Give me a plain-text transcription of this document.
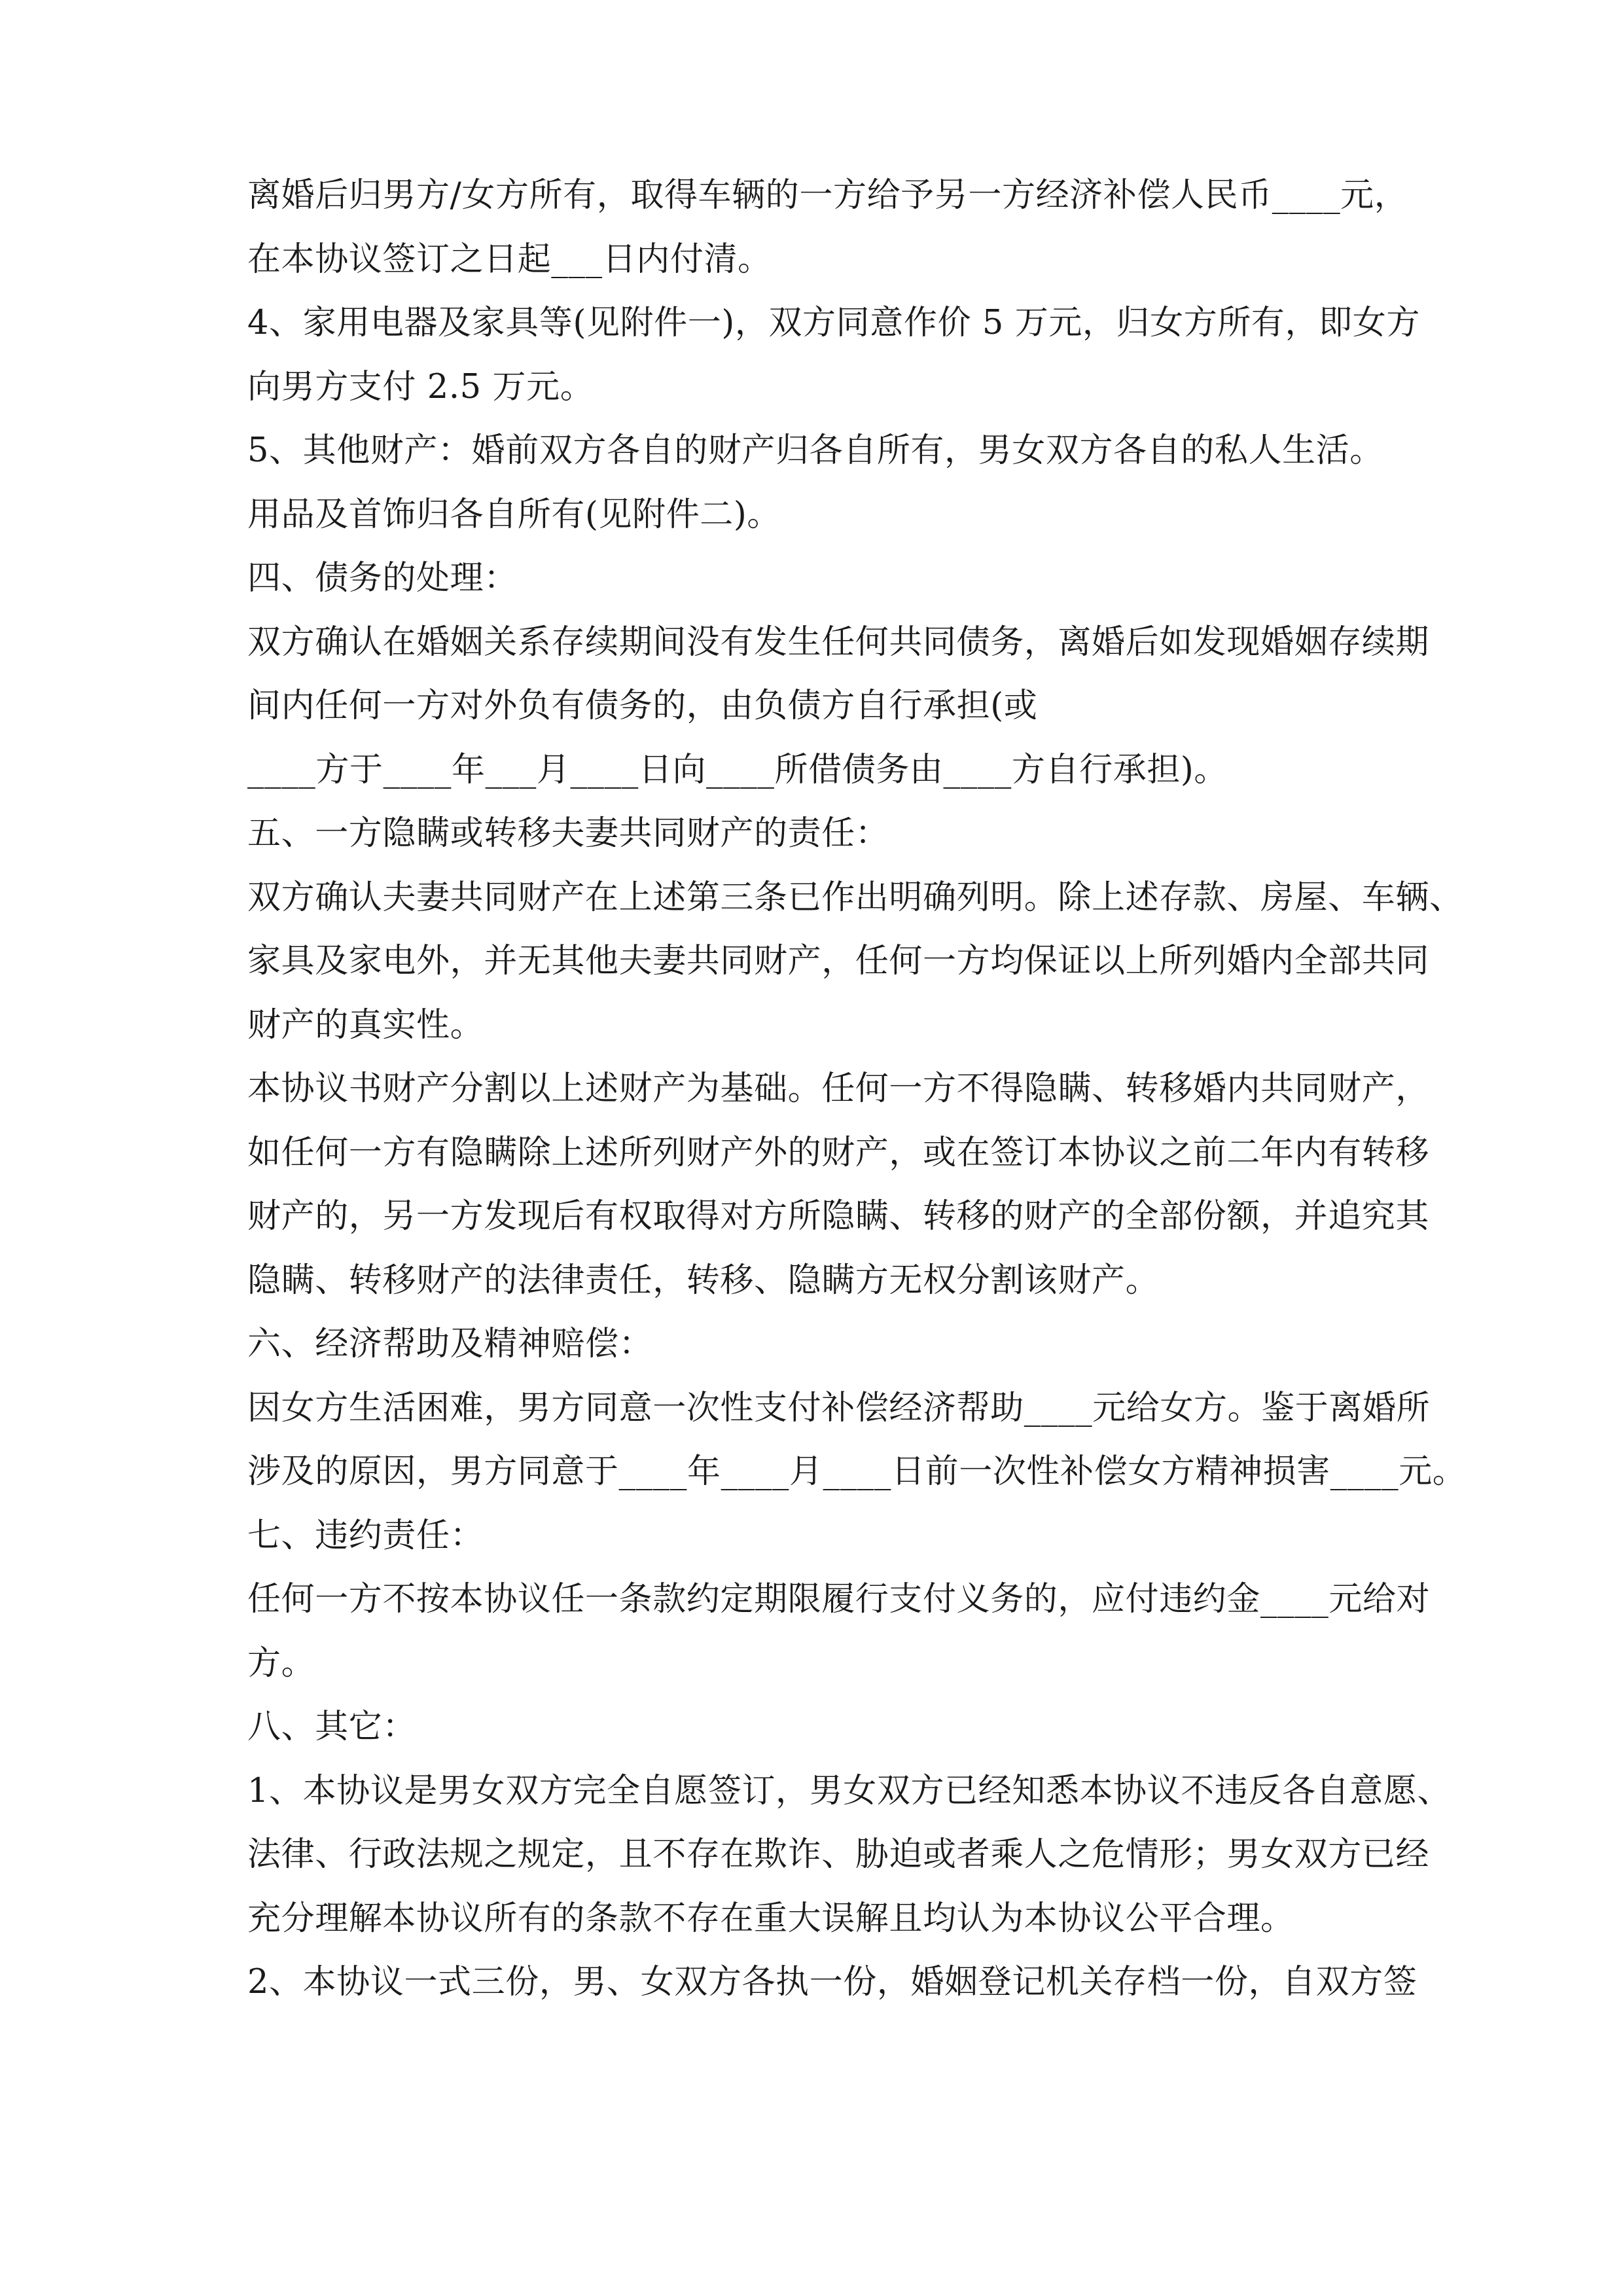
离婚后归男方/女方所有，取得车辆的一方给予另一方经济补偿人民币____元，
在本协议签订之日起___日内付清。
4、家用电器及家具等(见附件一)，双方同意作价 5 万元，归女方所有，即女方
向男方支付 2.5 万元。
5、其他财产：婚前双方各自的财产归各自所有，男女双方各自的私人生活。
用品及首饰归各自所有(见附件二)。
四、债务的处理：
双方确认在婚姻关系存续期间没有发生任何共同债务，离婚后如发现婚姻存续期
间内任何一方对外负有债务的，由负债方自行承担(或
____方于____年___月____日向____所借债务由____方自行承担)。
五、一方隐瞒或转移夫妻共同财产的责任：
双方确认夫妻共同财产在上述第三条已作出明确列明。除上述存款、房屋、车辆、
家具及家电外，并无其他夫妻共同财产，任何一方均保证以上所列婚内全部共同
财产的真实性。
本协议书财产分割以上述财产为基础。任何一方不得隐瞒、转移婚内共同财产，
如任何一方有隐瞒除上述所列财产外的财产，或在签订本协议之前二年内有转移
财产的，另一方发现后有权取得对方所隐瞒、转移的财产的全部份额，并追究其
隐瞒、转移财产的法律责任，转移、隐瞒方无权分割该财产。
六、经济帮助及精神赔偿：
因女方生活困难，男方同意一次性支付补偿经济帮助____元给女方。鉴于离婚所
涉及的原因，男方同意于____年____月____日前一次性补偿女方精神损害____元。
七、违约责任：
任何一方不按本协议任一条款约定期限履行支付义务的，应付违约金____元给对
方。
八、其它：
1、本协议是男女双方完全自愿签订，男女双方已经知悉本协议不违反各自意愿、
法律、行政法规之规定，且不存在欺诈、胁迫或者乘人之危情形；男女双方已经
充分理解本协议所有的条款不存在重大误解且均认为本协议公平合理。
2、本协议一式三份，男、女双方各执一份，婚姻登记机关存档一份，自双方签
